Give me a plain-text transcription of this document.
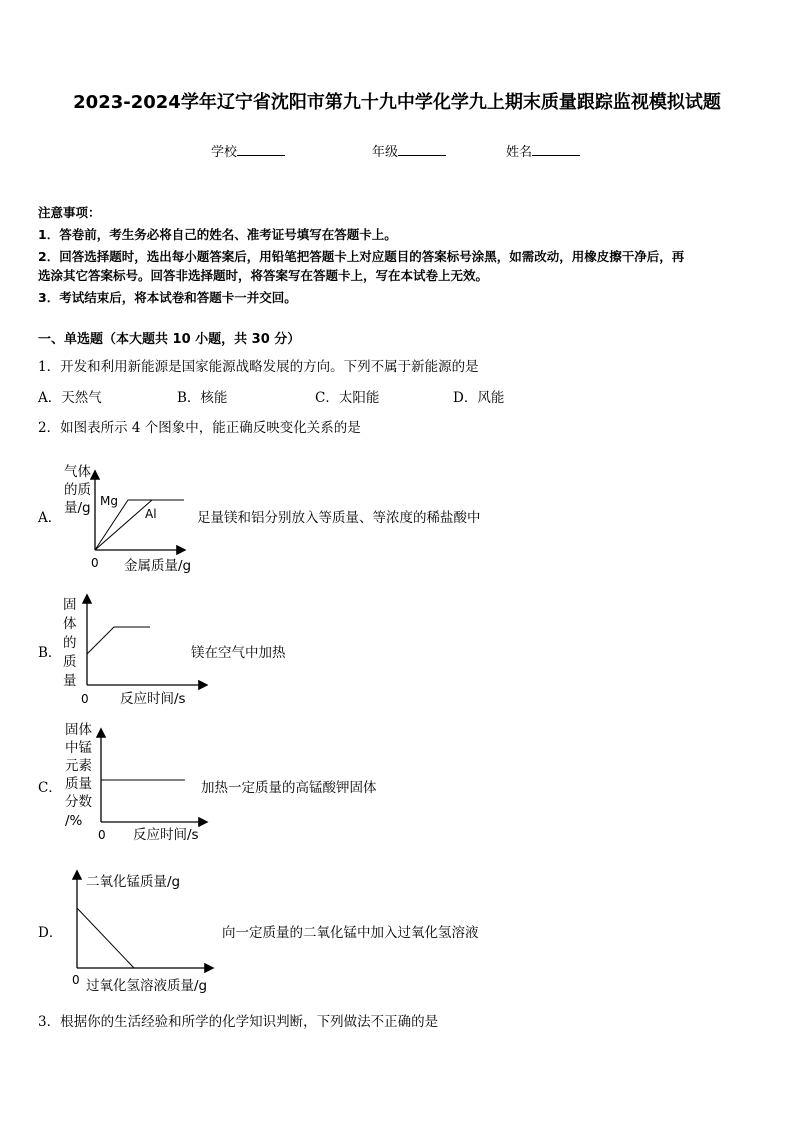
2023-2024学年辽宁省沈阳市第九十九中学化学九上期末质量跟踪监视模拟试题
学校	年级	姓名
注意事项：
1．答卷前，考生务必将自己的姓名、准考证号填写在答题卡上。
2．回答选择题时，选出每小题答案后，用铅笔把答题卡上对应题目的答案标号涂黑，如需改动，用橡皮擦干净后，再
选涂其它答案标号。回答非选择题时，将答案写在答题卡上，写在本试卷上无效。
3．考试结束后，将本试卷和答题卡一并交回。
一、单选题（本大题共 10 小题，共 30 分）
1．开发和利用新能源是国家能源战略发展的方向。下列不属于新能源的是
A．天然气	B．核能	C．太阳能	D．风能
2．如图表所示 4 个图象中，能正确反映变化关系的是
A．
气体
的质
量/g Mg
Al
0 金属质量/g
足量镁和铝分别放入等质量、等浓度的稀盐酸中
B．
固
体
的
质
量
0 反应时间/s
镁在空气中加热
C．
固体
中锰
元素
质量
分数
/%
0 反应时间/s
加热一定质量的高锰酸钾固体
D．
二氧化锰质量/g
0 过氧化氢溶液质量/g
向一定质量的二氧化锰中加入过氧化氢溶液
3．根据你的生活经验和所学的化学知识判断，下列做法不正确的是
